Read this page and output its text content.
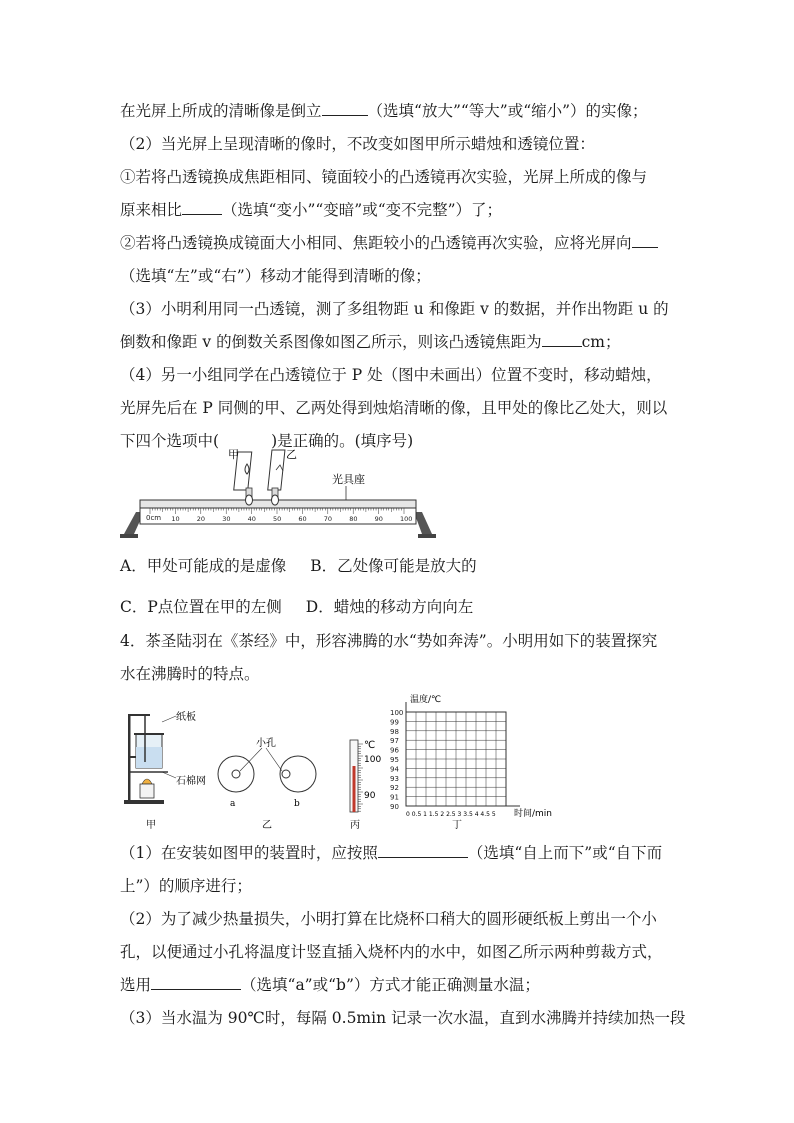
在光屏上所成的清晰像是倒立	（选填“放大”“等大”或“缩小”）的实像；
（2）当光屏上呈现清晰的像时，不改变如图甲所示蜡烛和透镜位置：
①若将凸透镜换成焦距相同、镜面较小的凸透镜再次实验，光屏上所成的像与
原来相比	（选填“变小”“变暗”或“变不完整”）了；
②若将凸透镜换成镜面大小相同、焦距较小的凸透镜再次实验，应将光屏向
（选填“左”或“右”）移动才能得到清晰的像；
（3）小明利用同一凸透镜，测了多组物距 u 和像距 v 的数据，并作出物距 u 的
倒数和像距 v 的倒数关系图像如图乙所示，则该凸透镜焦距为	cm；
（4）另一小组同学在凸透镜位于 P 处（图中未画出）位置不变时，移动蜡烛，
光屏先后在 P 同侧的甲、乙两处得到烛焰清晰的像，且甲处的像比乙处大，则以
下四个选项中(	)是正确的。(填序号)
0cm 10	20	30	40	50	60	70	80	90	100
甲	乙
光具座
A．甲处可能成的是虚像 B．乙处像可能是放大的
C．P点位置在甲的左侧 D．蜡烛的移动方向向左
4．茶圣陆羽在《茶经》中，形容沸腾的水“势如奔涛”。小明用如下的装置探究
水在沸腾时的特点。
纸板
石棉网
甲
小孔
a	b
乙
℃
100
90
丙
温度/℃
100
99
98
97
96
95
94
93
92
91
90
0 0.5 1 1.5 2 2.5 3 3.5 4 4.5 5 时间/min
丁
（1）在安装如图甲的装置时，应按照	（选填“自上而下”或“自下而
上”）的顺序进行；
（2）为了减少热量损失，小明打算在比烧杯口稍大的圆形硬纸板上剪出一个小
孔，以便通过小孔将温度计竖直插入烧杯内的水中，如图乙所示两种剪裁方式，
选用	（选填“a”或“b”）方式才能正确测量水温；
（3）当水温为 90℃时，每隔 0.5min 记录一次水温，直到水沸腾并持续加热一段
